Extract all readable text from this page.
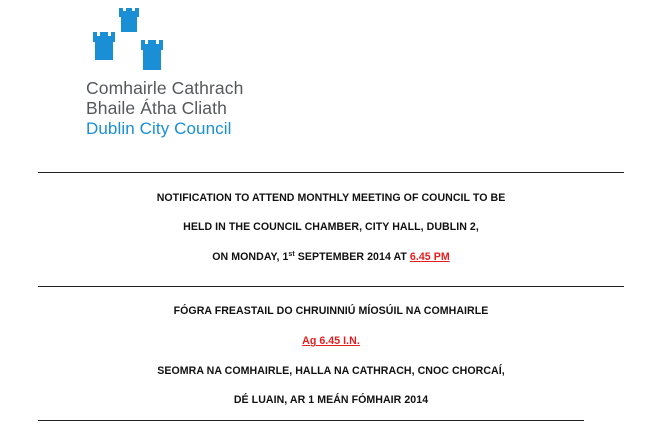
Comhairle Cathrach
Bhaile Átha Cliath
Dublin City Council
NOTIFICATION TO ATTEND MONTHLY MEETING OF COUNCIL TO BE
HELD IN THE COUNCIL CHAMBER, CITY HALL, DUBLIN 2,
ON MONDAY, 1st SEPTEMBER 2014 AT 6.45 PM
FÓGRA FREASTAIL DO CHRUINNIÚ MÍOSÚIL NA COMHAIRLE
Ag 6.45 I.N.
SEOMRA NA COMHAIRLE, HALLA NA CATHRACH, CNOC CHORCAÍ,
DÉ LUAIN, AR 1 MEÁN FÓMHAIR 2014
